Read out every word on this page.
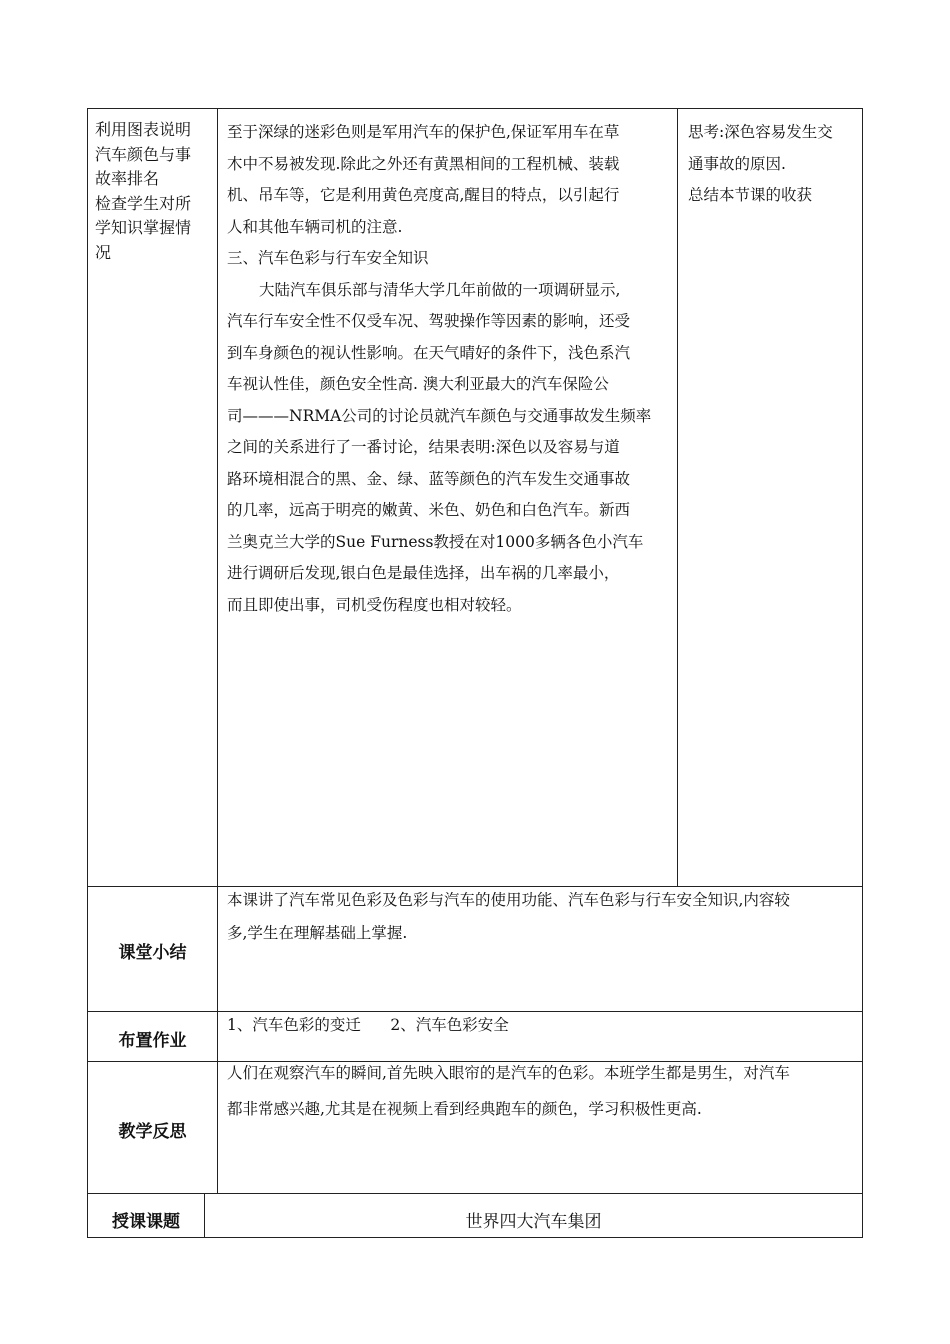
利用图表说明
汽车颜色与事
故率排名
检查学生对所
学知识掌握情
况
至于深绿的迷彩色则是军用汽车的保护色,保证军用车在草
木中不易被发现.除此之外还有黄黑相间的工程机械、装载
机、吊车等，它是利用黄色亮度高,醒目的特点，以引起行
人和其他车辆司机的注意.
三、汽车色彩与行车安全知识
大陆汽车俱乐部与清华大学几年前做的一项调研显示,
汽车行车安全性不仅受车况、驾驶操作等因素的影响，还受
到车身颜色的视认性影响。在天气晴好的条件下，浅色系汽
车视认性佳，颜色安全性高. 澳大利亚最大的汽车保险公
司———NRMA公司的讨论员就汽车颜色与交通事故发生频率
之间的关系进行了一番讨论，结果表明:深色以及容易与道
路环境相混合的黑、金、绿、蓝等颜色的汽车发生交通事故
的几率，远高于明亮的嫩黄、米色、奶色和白色汽车。新西
兰奥克兰大学的Sue Furness教授在对1000多辆各色小汽车
进行调研后发现,银白色是最佳选择，出车祸的几率最小，
而且即使出事，司机受伤程度也相对较轻。
思考:深色容易发生交
通事故的原因.
总结本节课的收获
课堂小结
本课讲了汽车常见色彩及色彩与汽车的使用功能、汽车色彩与行车安全知识,内容较
多,学生在理解基础上掌握.
布置作业
1、汽车色彩的变迁      2、汽车色彩安全
教学反思
人们在观察汽车的瞬间,首先映入眼帘的是汽车的色彩。本班学生都是男生，对汽车
都非常感兴趣,尤其是在视频上看到经典跑车的颜色，学习积极性更高.
授课课题	世界四大汽车集团
